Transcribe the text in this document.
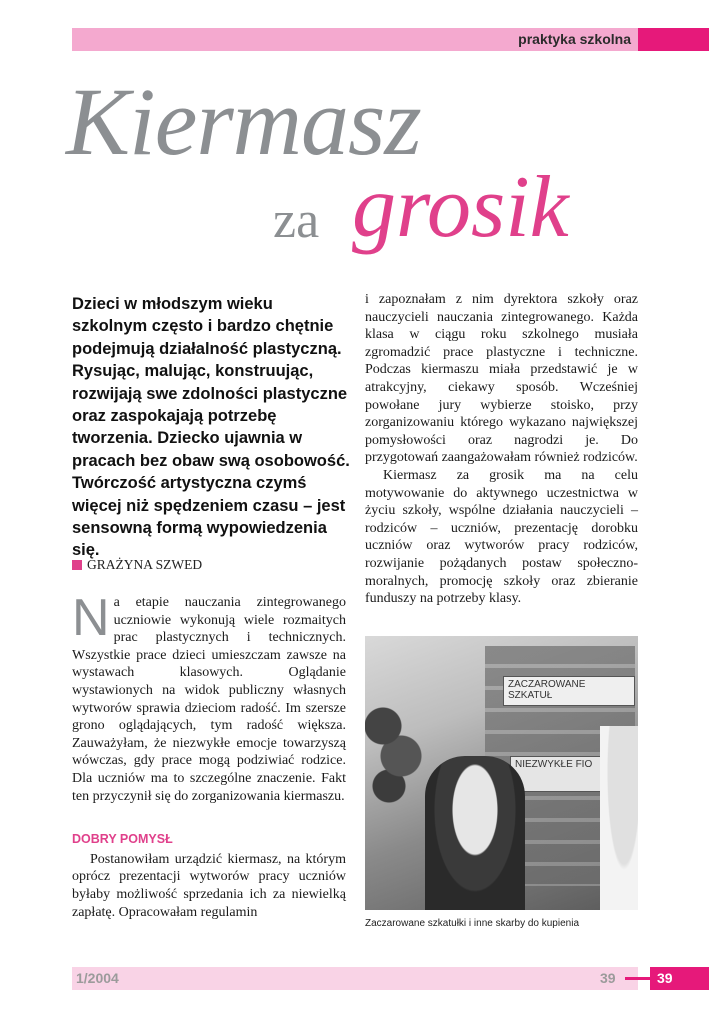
praktyka szkolna
Kiermasz
za grosik
Dzieci w młodszym wieku szkolnym często i bardzo chętnie podejmują działalność plastyczną. Rysując, malując, konstruując, rozwijają swe zdolności plastyczne oraz zaspokajają potrzebę tworzenia. Dziecko ujawnia w pracach bez obaw swą osobowość. Twórczość artystyczna czymś więcej niż spędzeniem czasu – jest sensowną formą wypowiedzenia się.
GRAŻYNA SZWED

Na etapie nauczania zintegrowanego uczniowie wykonują wiele rozmaitych prac plastycznych i technicznych. Wszystkie prace dzieci umieszczam zawsze na wystawach klasowych. Oglądanie wystawionych na widok publiczny własnych wytworów sprawia dzieciom radość. Im szersze grono oglądających, tym radość większa. Zauważyłam, że niezwykłe emocje towarzyszą wówczas, gdy prace mogą podziwiać rodzice. Dla uczniów ma to szczególne znaczenie. Fakt ten przyczynił się do zorganizowania kiermaszu.

DOBRY POMYSŁ

Postanowiłam urządzić kiermasz, na którym oprócz prezentacji wytworów pracy uczniów byłaby możliwość sprzedania ich za niewielką zapłatę. Opracowałam regulamin

i zapoznałam z nim dyrektora szkoły oraz nauczycieli nauczania zintegrowanego. Każda klasa w ciągu roku szkolnego musiała zgromadzić prace plastyczne i techniczne. Podczas kiermaszu miała przedstawić je w atrakcyjny, ciekawy sposób. Wcześniej powołane jury wybierze stoisko, przy zorganizowaniu którego wykazano największej pomysłowości oraz nagrodzi je. Do przygotowań zaangażowałam również rodziców.

Kiermasz za grosik ma na celu motywowanie do aktywnego uczestnictwa w życiu szkoły, wspólne działania nauczycieli – rodziców – uczniów, prezentację dorobku uczniów oraz wytworów pracy rodziców, rozwijanie pożądanych postaw społeczno-moralnych, promocję szkoły oraz zbieranie funduszy na potrzeby klasy.

ZACZAROWANE SZKATUŁ
NIEZWYKŁE FIO
Zaczarowane szkatułki i inne skarby do kupienia
1/2004	39	39
